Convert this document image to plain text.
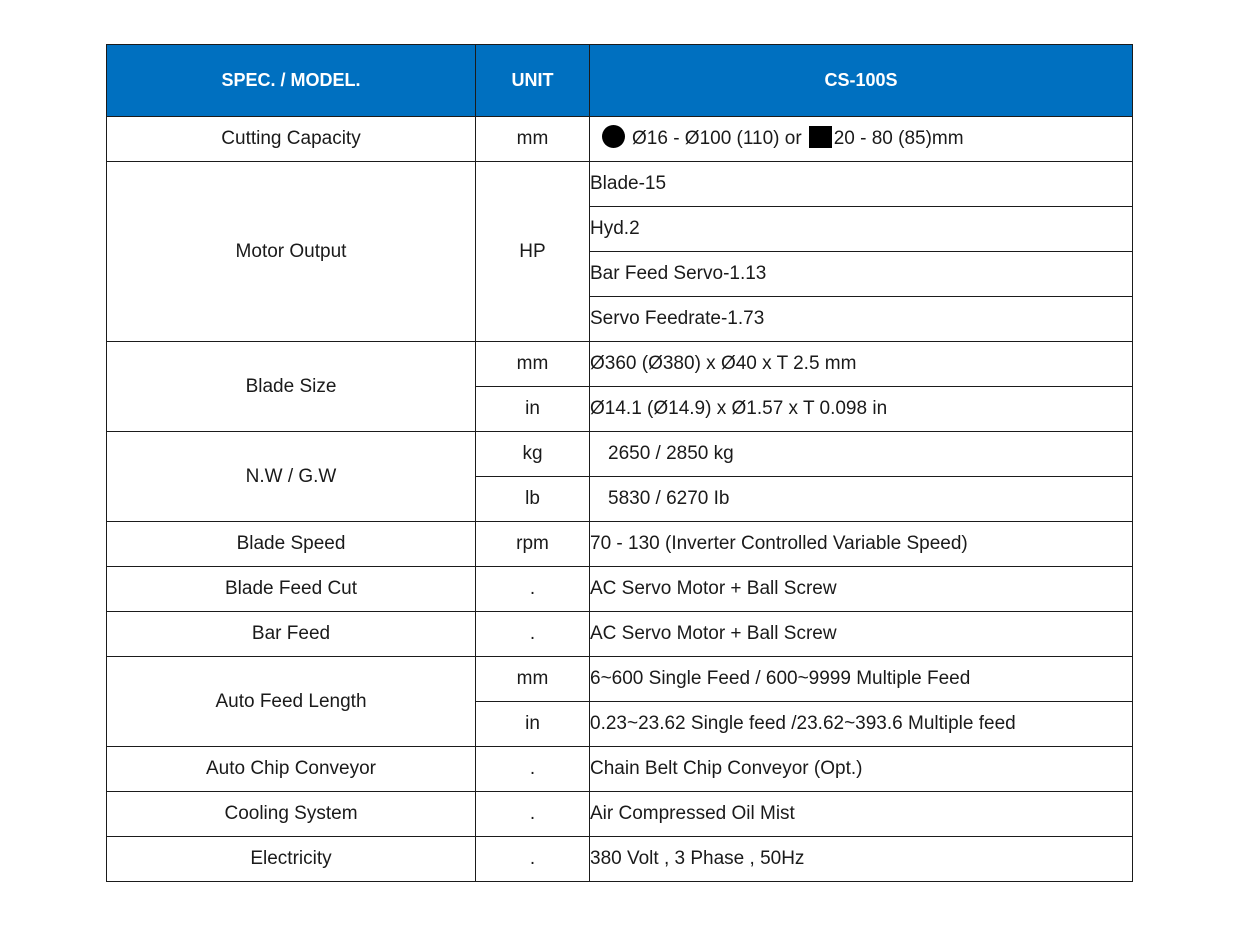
SPEC. / MODEL.	UNIT	CS-100S
Cutting Capacity	mm	Ø16 - Ø100 (110) or 20 - 80 (85)mm
Motor Output	HP	Blade-15
		Hyd.2
		Bar Feed Servo-1.13
		Servo Feedrate-1.73
Blade Size	mm	Ø360 (Ø380) x Ø40 x T 2.5 mm
	in	Ø14.1 (Ø14.9) x Ø1.57 x T 0.098 in
N.W / G.W	kg	2650 / 2850 kg
	lb	5830 / 6270 Ib
Blade Speed	rpm	70 - 130 (Inverter Controlled Variable Speed)
Blade Feed Cut	.	AC Servo Motor + Ball Screw
Bar Feed	.	AC Servo Motor + Ball Screw
Auto Feed Length	mm	6~600 Single Feed / 600~9999 Multiple Feed
	in	0.23~23.62 Single feed /23.62~393.6 Multiple feed
Auto Chip Conveyor	.	Chain Belt Chip Conveyor (Opt.)
Cooling System	.	Air Compressed Oil Mist
Electricity	.	380 Volt , 3 Phase , 50Hz
